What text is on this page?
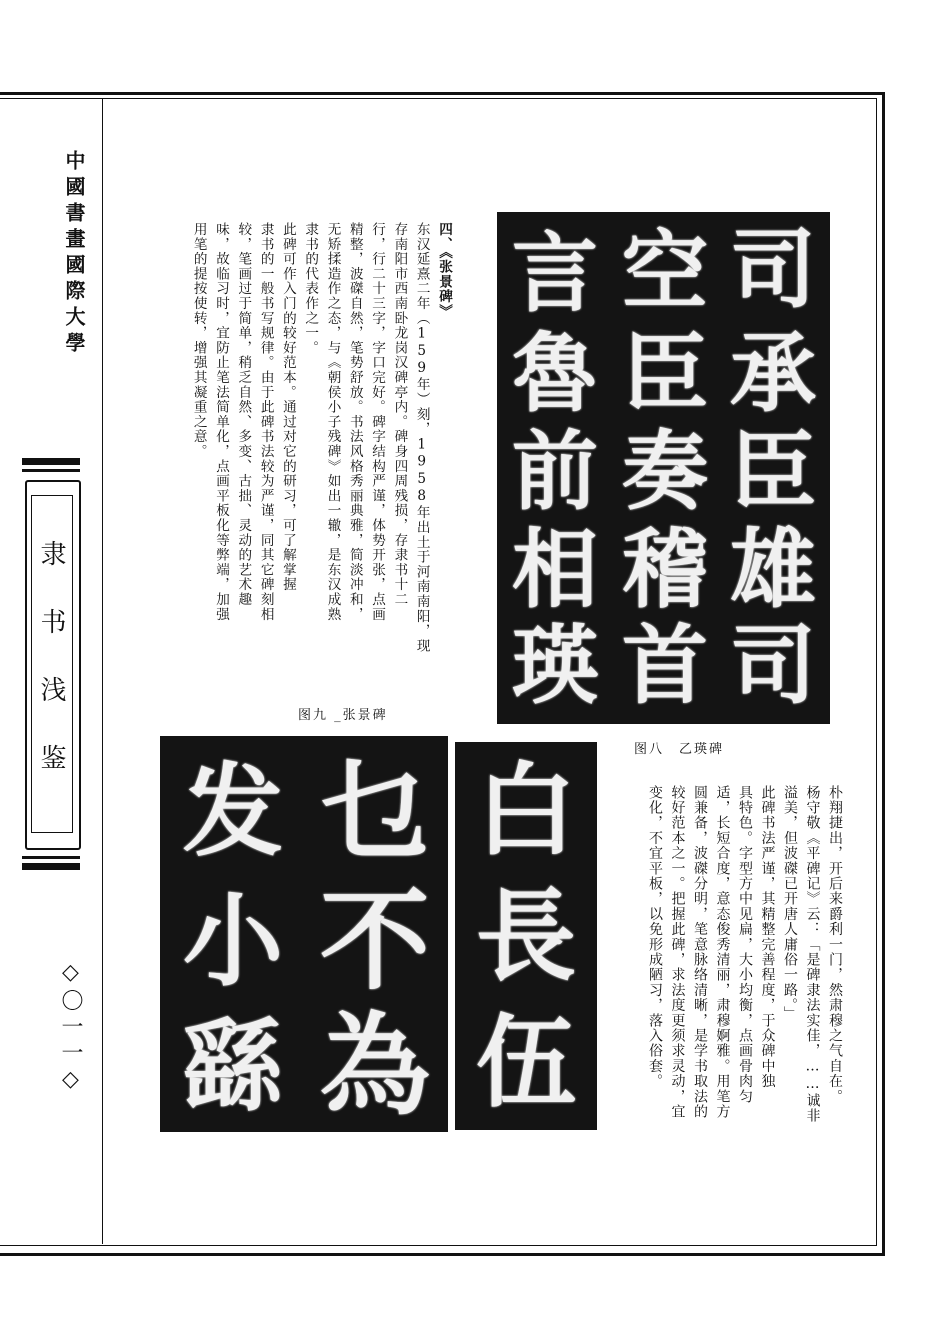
中國書畫國際大學
隶书浅鉴
◇〇一一◇
四、《张景碑》
东汉延熹二年（159年）刻，1958年出土于河南南阳，现
存南阳市西南卧龙岗汉碑亭内。碑身四周残损，存隶书十二
行，行二十三字，字口完好。碑字结构严谨，体势开张，点画
精整，波磔自然，笔势舒放。书法风格秀丽典雅，简淡冲和，
无矫揉造作之态，与《朝侯小子残碑》如出一辙，是东汉成熟
隶书的代表作之一。
此碑可作入门的较好范本。通过对它的研习，可了解掌握
隶书的一般书写规律。由于此碑书法较为严谨，同其它碑刻相
较，笔画过于简单，稍乏自然、多变、古拙、灵动的艺术趣
味，故临习时，宜防止笔法简单化，点画平板化等弊端，加强
用笔的提按使转，增强其凝重之意。	司
空
言
承
臣
魯
臣
奏
前
雄
稽
相
司
首
瑛
图八　乙瑛碑
图九 _张景碑
乜
发
不
小
為
繇
白
長
伍	朴翔捷出，开后来爵利一门，然肃穆之气自在。
杨守敬《平碑记》云：「是碑隶法实佳，……诚非
溢美，但波磔已开唐人庸俗一路。」
此碑书法严谨，其精整完善程度，于众碑中独
具特色。字型方中见扁，大小均衡，点画骨肉匀
适，长短合度，意态俊秀清丽，肃穆婀雅。用笔方
圆兼备，波磔分明，笔意脉络清晰，是学书取法的
较好范本之一。把握此碑，求法度更须求灵动，宜
变化，不宜平板，以免形成陋习，落入俗套。
